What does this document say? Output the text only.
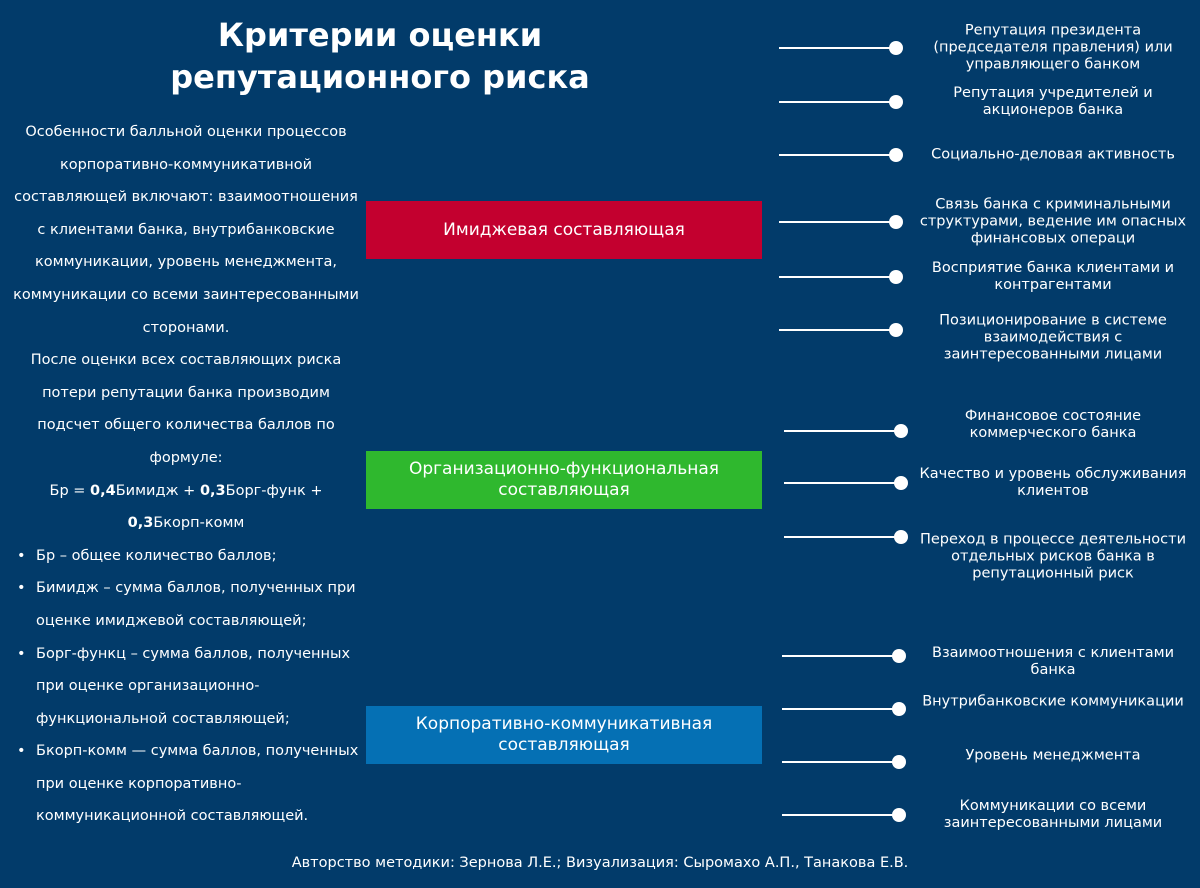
Критерии оценки
репутационного риска
Особенности балльной оценки процессов корпоративно-коммуникативной составляющей включают: взаимоотношения с клиентами банка, внутрибанковские коммуникации, уровень менеджмента, коммуникации со всеми заинтересованными сторонами.
После оценки всех составляющих риска потери репутации банка производим подсчет общего количества баллов по формуле:
Бр = 0,4Бимидж + 0,3Борг-функ + 0,3Бкорп-комм
• Бр – общее количество баллов;
• Бимидж – сумма баллов, полученных при оценке имиджевой составляющей;
• Борг-функц – сумма баллов, полученных при оценке организационно-функциональной составляющей;
• Бкорп-комм — сумма баллов, полученных при оценке корпоративно-коммуникационной составляющей.
Имиджевая составляющая
Организационно-функциональная составляющая
Корпоративно-коммуникативная составляющая
Репутация президента (председателя правления) или управляющего банком
Репутация учредителей и акционеров банка
Социально-деловая активность
Связь банка с криминальными структурами, ведение им опасных финансовых операци
Восприятие банка клиентами и контрагентами
Позиционирование в системе взаимодействия с заинтересованными лицами
Финансовое состояние коммерческого банка
Качество и уровень обслуживания клиентов
Переход в процессе деятельности отдельных рисков банка в репутационный риск
Взаимоотношения с клиентами банка
Внутрибанковские коммуникации
Уровень менеджмента
Коммуникации со всеми заинтересованными лицами
Авторство методики: Зернова Л.Е.; Визуализация: Сыромахо А.П., Танакова Е.В.
